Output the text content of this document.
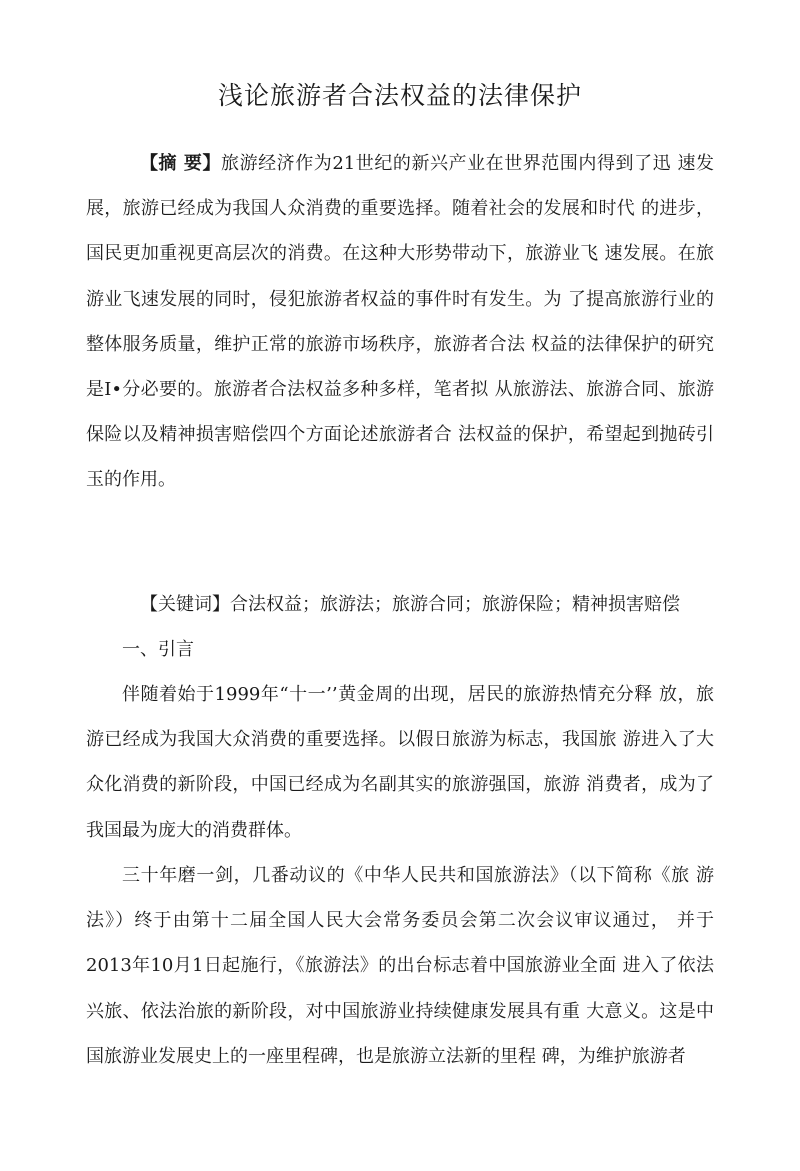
浅论旅游者合法权益的法律保护

【摘 要】旅游经济作为21世纪的新兴产业在世界范围内得到了迅 速发展，旅游已经成为我国人众消费的重要选择。随着社会的发展和时代 的进步，国民更加重视更高层次的消费。在这种大形势带动下，旅游业飞 速发展。在旅游业飞速发展的同时，侵犯旅游者权益的事件时有发生。为 了提高旅游行业的整体服务质量，维护正常的旅游市场秩序，旅游者合法 权益的法律保护的研究是I•分必要的。旅游者合法权益多种多样，笔者拟 从旅游法、旅游合同、旅游保险以及精神损害赔偿四个方面论述旅游者合 法权益的保护，希望起到抛砖引玉的作用。

【关键词】合法权益；旅游法；旅游合同；旅游保险；精神损害赔偿

一、引言

伴随着始于1999年“十一’’黄金周的出现，居民的旅游热情充分释 放，旅游已经成为我国大众消费的重要选择。以假日旅游为标志，我国旅 游进入了大众化消费的新阶段，中国已经成为名副其实的旅游强国，旅游 消费者，成为了我国最为庞大的消费群体。

三十年磨一剑，几番动议的《中华人民共和国旅游法》（以下简称《旅 游法》）终于由第十二届全国人民大会常务委员会第二次会议审议通过， 并于2013年10月1日起施行，《旅游法》的出台标志着中国旅游业全面 进入了依法兴旅、依法治旅的新阶段，对中国旅游业持续健康发展具有重 大意义。这是中国旅游业发展史上的一座里程碑，也是旅游立法新的里程 碑，为维护旅游者
